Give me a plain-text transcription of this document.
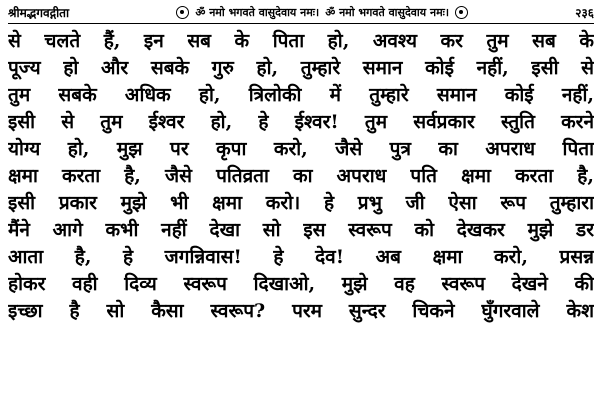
श्रीमद्भगवद्गीता	ॐ नमो भगवते वासुदेवाय नमः। ॐ नमो भगवते वासुदेवाय नमः।	२३६
से चलते हैं, इन सब के पिता हो, अवश्य कर तुम सब के
पूज्य हो और सबके गुरु हो, तुम्हारे समान कोई नहीं, इसी से
तुम सबके अधिक हो, त्रिलोकी में तुम्हारे समान कोई नहीं,
इसी से तुम ईश्वर हो, हे ईश्वर! तुम सर्वप्रकार स्तुति करने
योग्य हो, मुझ पर कृपा करो, जैसे पुत्र का अपराध पिता
क्षमा करता है, जैसे पतिव्रता का अपराध पति क्षमा करता है,
इसी प्रकार मुझे भी क्षमा करो। हे प्रभु जी ऐसा रूप तुम्हारा
मैंने आगे कभी नहीं देखा सो इस स्वरूप को देखकर मुझे डर
आता है, हे जगन्निवास! हे देव! अब क्षमा करो, प्रसन्न
होकर वही दिव्य स्वरूप दिखाओ, मुझे वह स्वरूप देखने की
इच्छा है सो कैसा स्वरूप? परम सुन्दर चिकने घुँगरवाले केश
